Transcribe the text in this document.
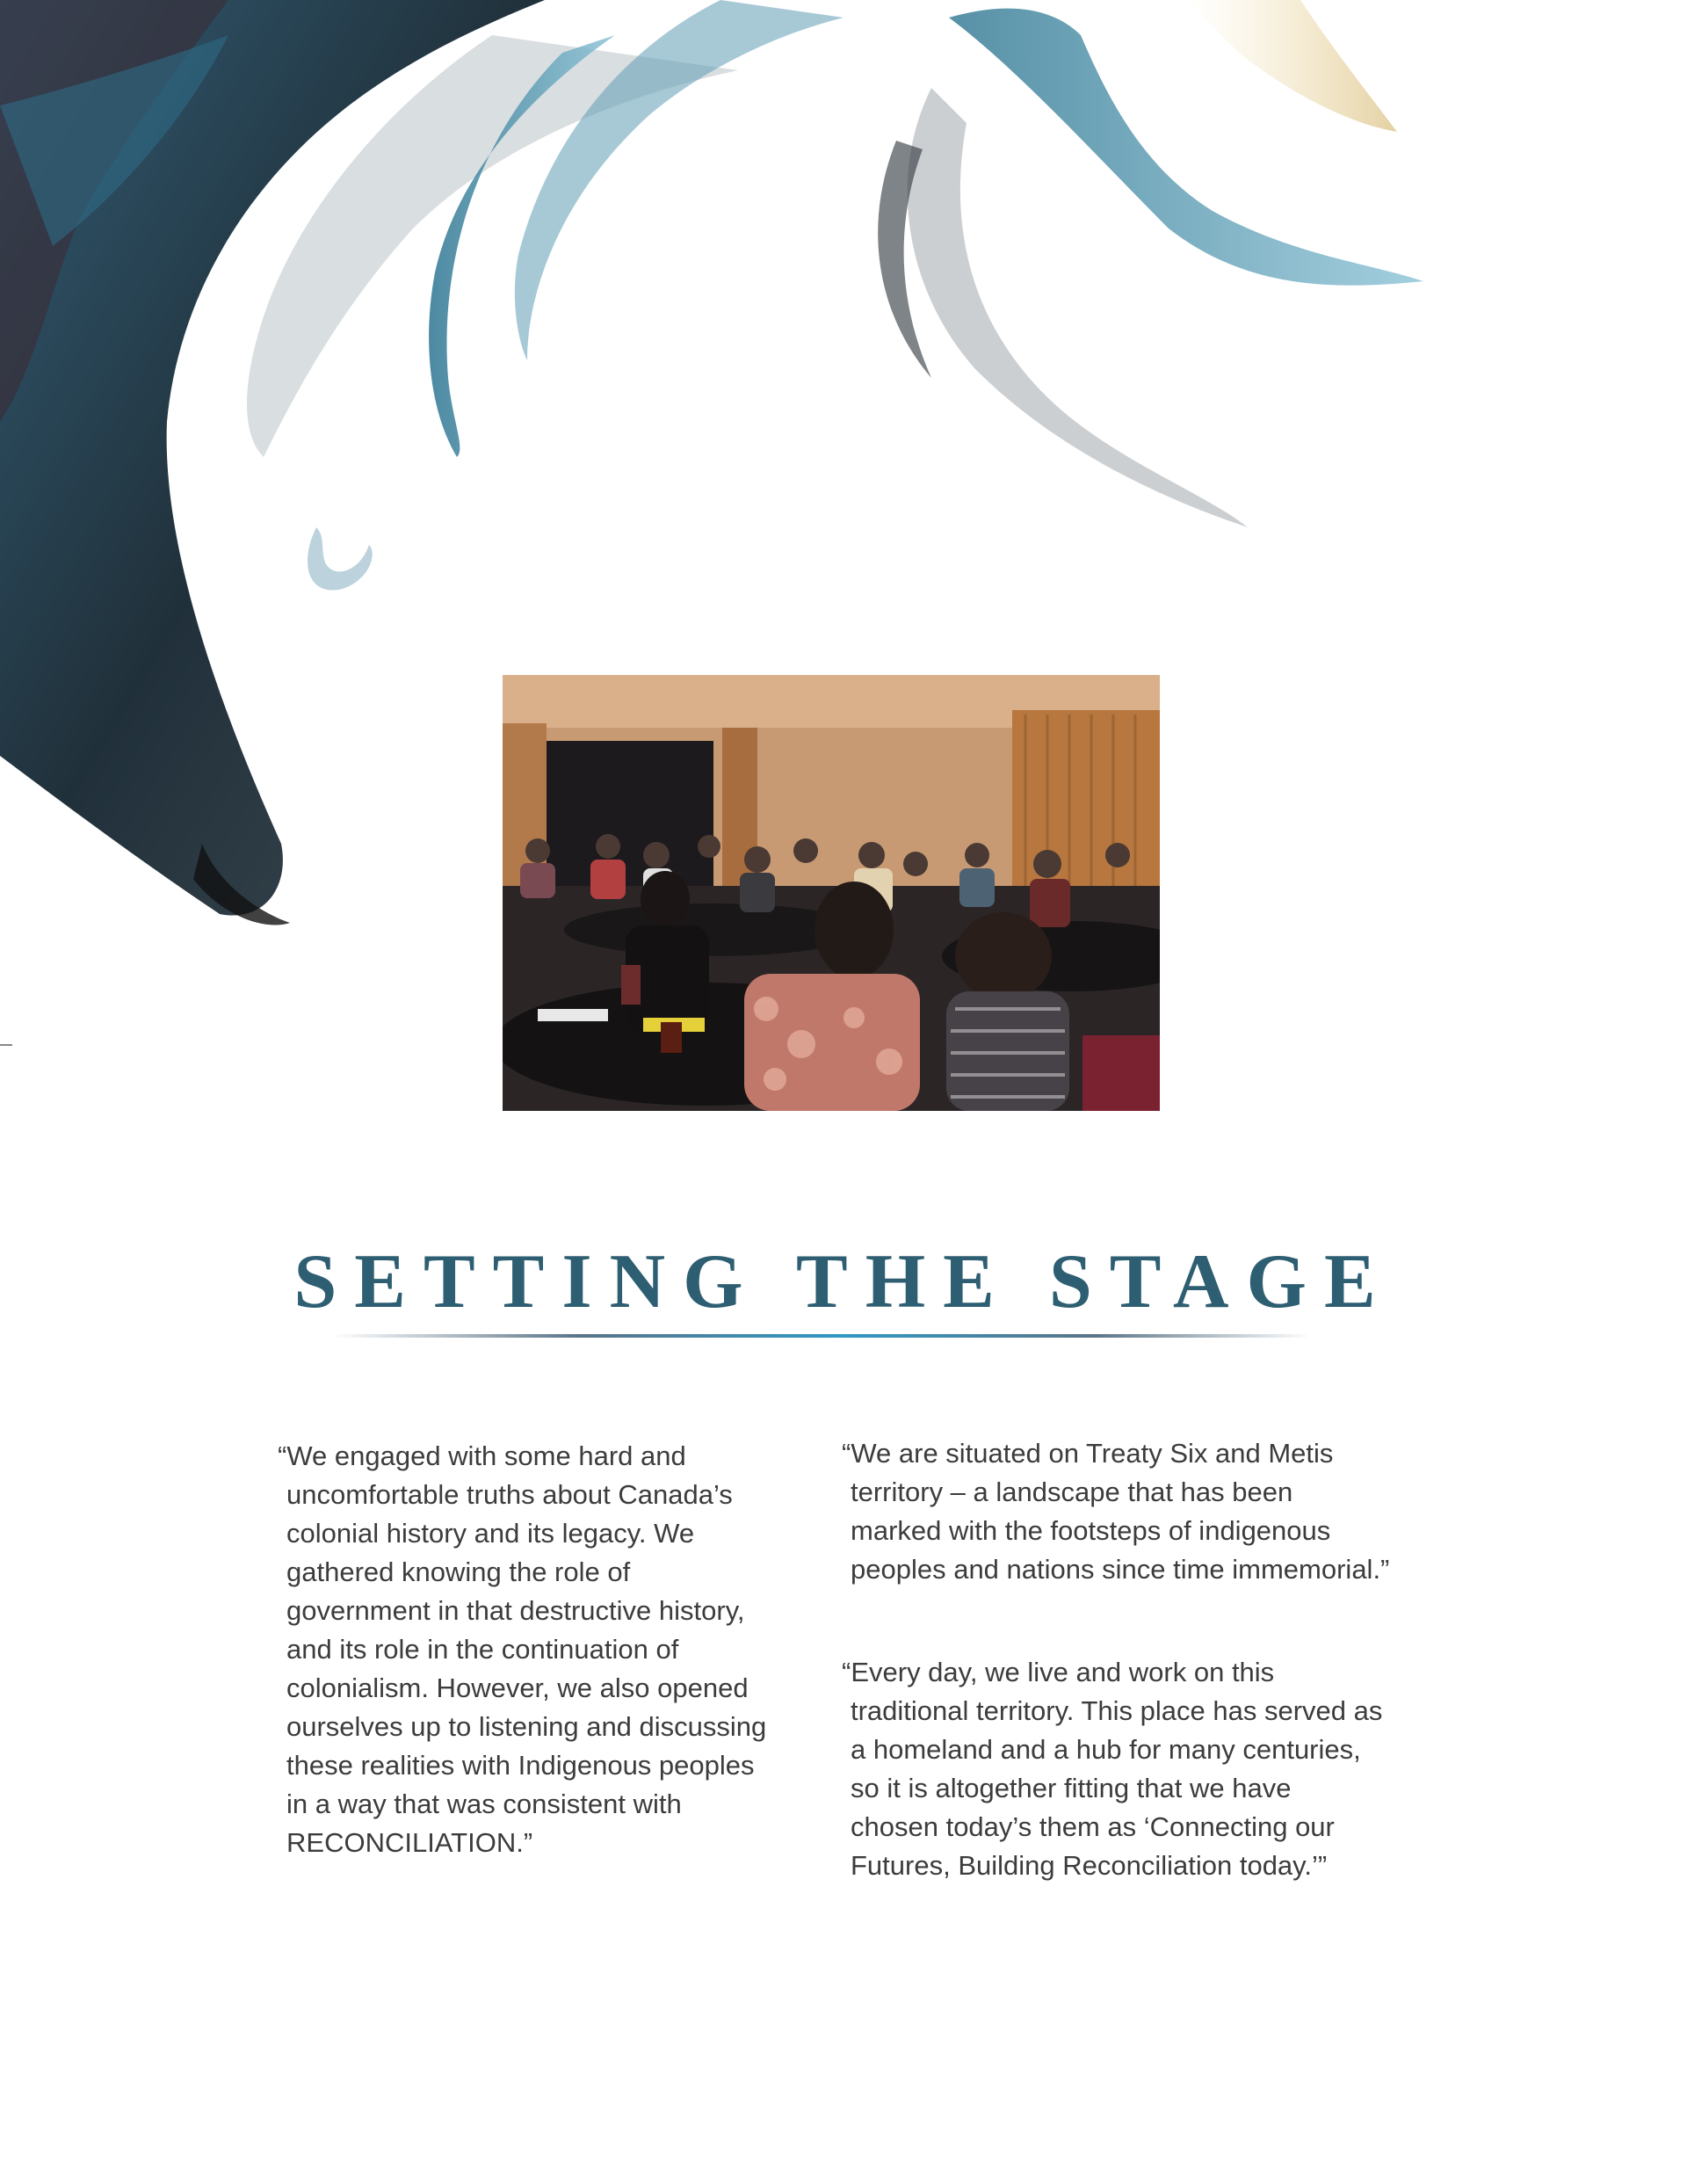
SETTING THE STAGE
“We engaged with some hard and
uncomfortable truths about Canada’s
colonial history and its legacy. We
gathered knowing the role of
government in that destructive history,
and its role in the continuation of
colonialism. However, we also opened
ourselves up to listening and discussing
these realities with Indigenous peoples
in a way that was consistent with
RECONCILIATION.”
“We are situated on Treaty Six and Metis
territory – a landscape that has been
marked with the footsteps of indigenous
peoples and nations since time immemorial.”
“Every day, we live and work on this
traditional territory. This place has served as
a homeland and a hub for many centuries,
so it is altogether fitting that we have
chosen today’s them as ‘Connecting our
Futures, Building Reconciliation today.’”
